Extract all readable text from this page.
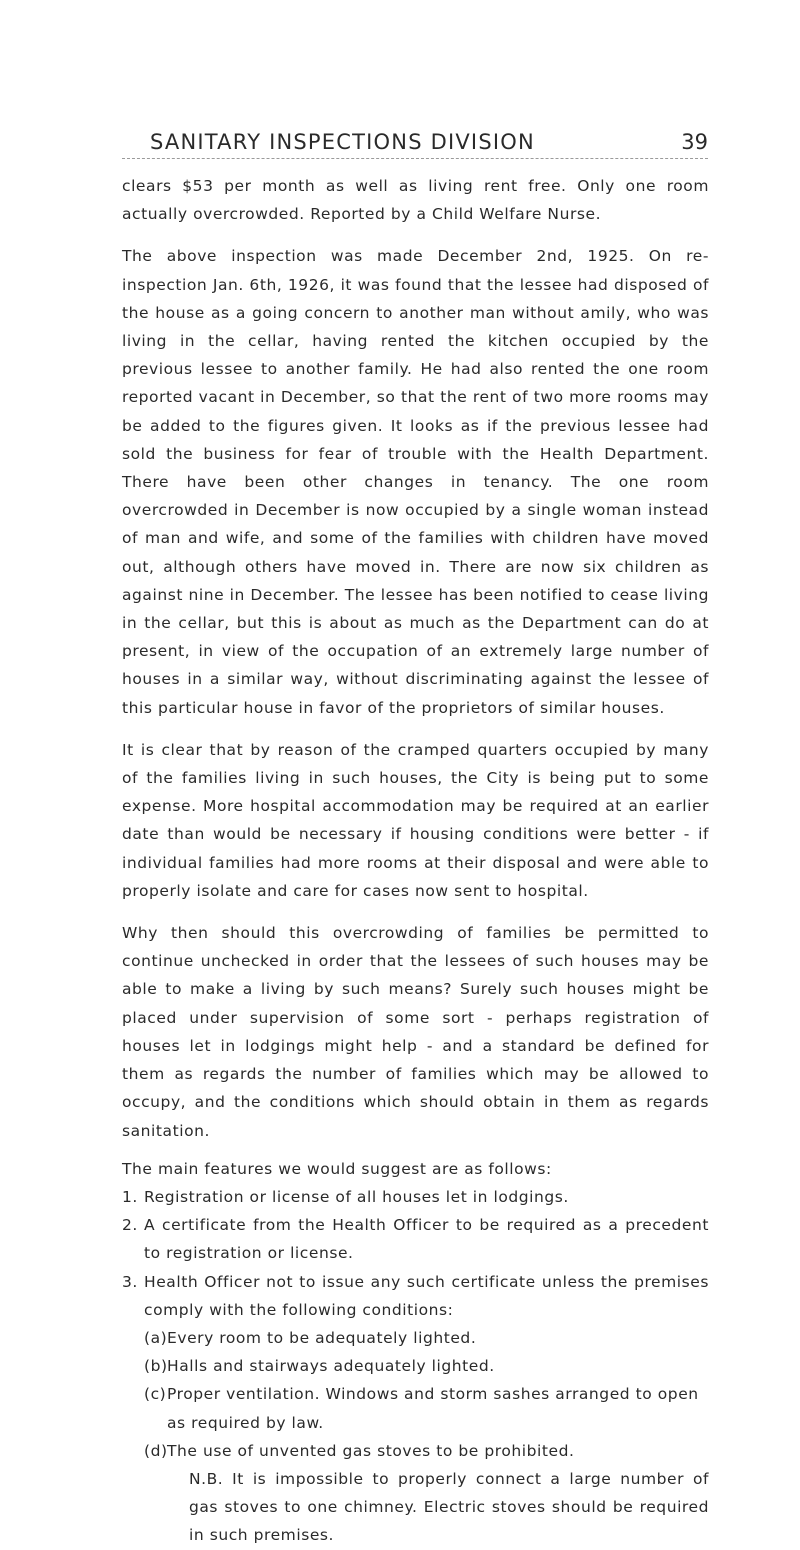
SANITARY INSPECTIONS DIVISION	39

clears $53 per month as well as living rent free. Only one room actually overcrowded. Reported by a Child Welfare Nurse.

The above inspection was made December 2nd, 1925. On re-inspection Jan. 6th, 1926, it was found that the lessee had disposed of the house as a going concern to another man without amily, who was living in the cellar, having rented the kitchen occupied by the previous lessee to another family. He had also rented the one room reported vacant in December, so that the rent of two more rooms may be added to the figures given. It looks as if the previous lessee had sold the business for fear of trouble with the Health Department. There have been other changes in tenancy. The one room overcrowded in December is now occupied by a single woman instead of man and wife, and some of the families with children have moved out, although others have moved in. There are now six children as against nine in December. The lessee has been notified to cease living in the cellar, but this is about as much as the Department can do at present, in view of the occupation of an extremely large number of houses in a similar way, without discriminating against the lessee of this particular house in favor of the proprietors of similar houses.

It is clear that by reason of the cramped quarters occupied by many of the families living in such houses, the City is being put to some expense. More hospital accommodation may be required at an earlier date than would be necessary if housing conditions were better - if individual families had more rooms at their disposal and were able to properly isolate and care for cases now sent to hospital.

Why then should this overcrowding of families be permitted to continue unchecked in order that the lessees of such houses may be able to make a living by such means? Surely such houses might be placed under supervision of some sort - perhaps registration of houses let in lodgings might help - and a standard be defined for them as regards the number of families which may be allowed to occupy, and the conditions which should obtain in them as regards sanitation.

The main features we would suggest are as follows:
1. Registration or license of all houses let in lodgings.
2. A certificate from the Health Officer to be required as a precedent to registration or license.
3. Health Officer not to issue any such certificate unless the premises comply with the following conditions:
(a) Every room to be adequately lighted.
(b) Halls and stairways adequately lighted.
(c) Proper ventilation. Windows and storm sashes arranged to open as required by law.
(d) The use of unvented gas stoves to be prohibited.
N.B. It is impossible to properly connect a large number of gas stoves to one chimney. Electric stoves should be required in such premises.
